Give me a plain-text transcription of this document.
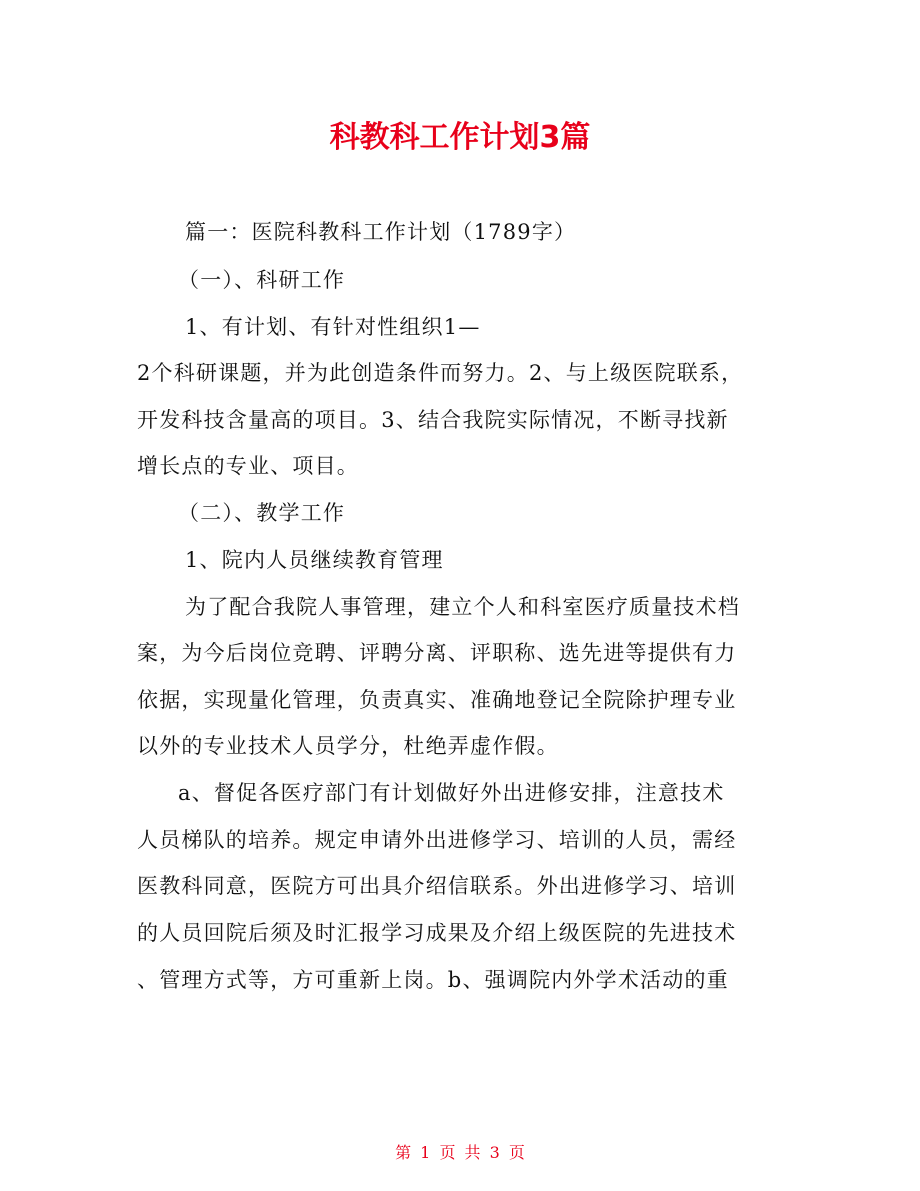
科教科工作计划3篇
篇一：医院科教科工作计划（1789字）
（一）、科研工作
1、有计划、有针对性组织1—
2个科研课题，并为此创造条件而努力。2、与上级医院联系，
开发科技含量高的项目。3、结合我院实际情况，不断寻找新
增长点的专业、项目。
（二）、教学工作
1、院内人员继续教育管理
为了配合我院人事管理，建立个人和科室医疗质量技术档
案，为今后岗位竞聘、评聘分离、评职称、选先进等提供有力
依据，实现量化管理，负责真实、准确地登记全院除护理专业
以外的专业技术人员学分，杜绝弄虚作假。
a、督促各医疗部门有计划做好外出进修安排，注意技术
人员梯队的培养。规定申请外出进修学习、培训的人员，需经
医教科同意，医院方可出具介绍信联系。外出进修学习、培训
的人员回院后须及时汇报学习成果及介绍上级医院的先进技术
、管理方式等，方可重新上岗。b、强调院内外学术活动的重
第 1 页 共 3 页
